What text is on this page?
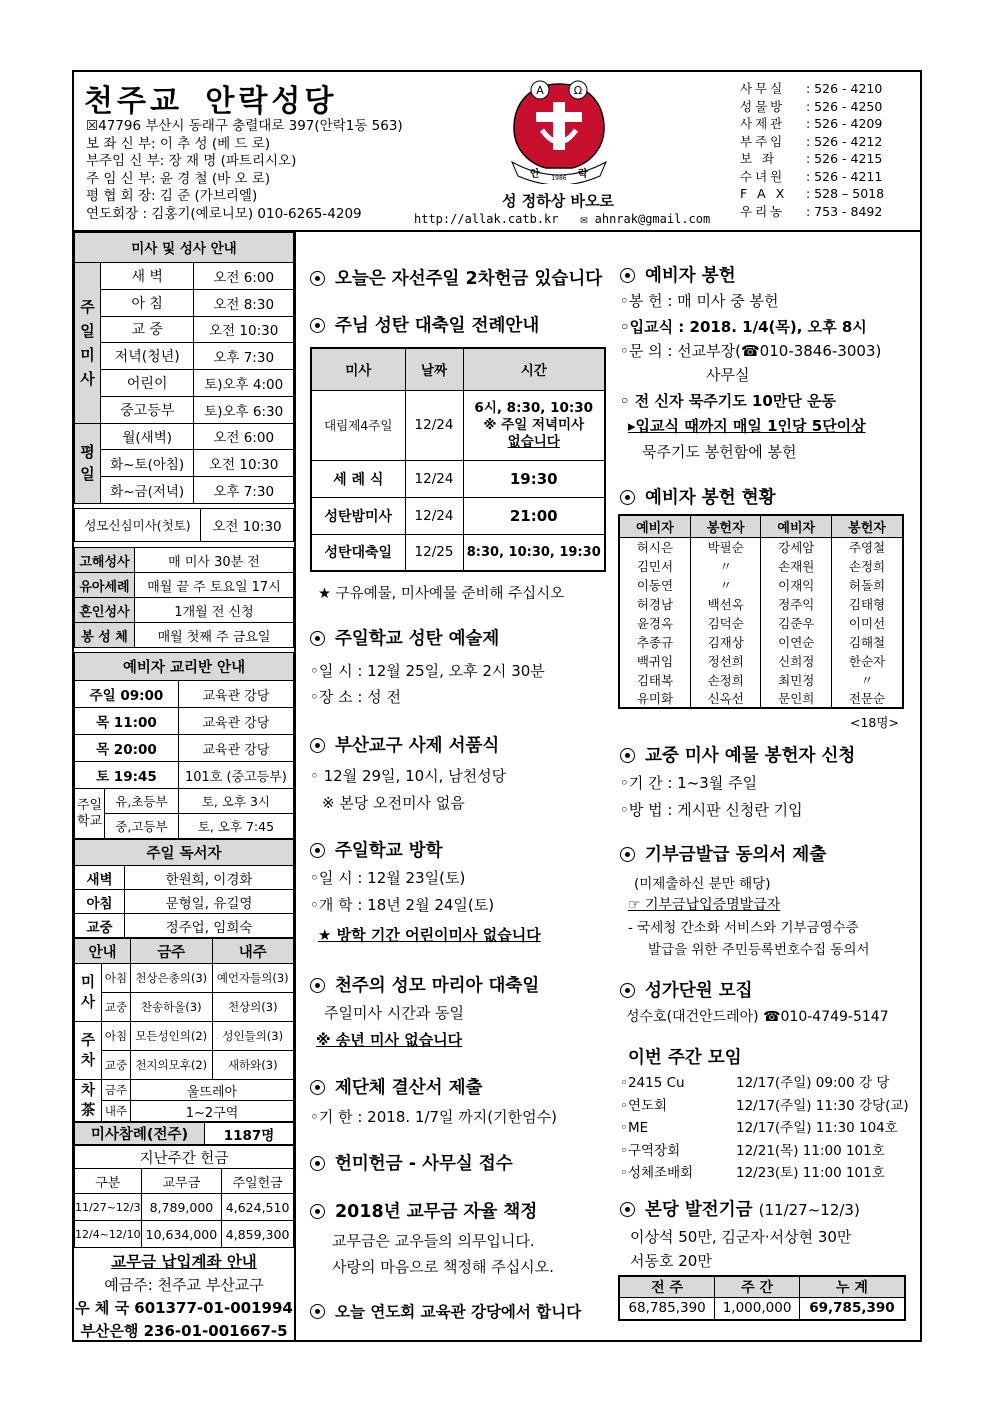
천주교 안락성당
☒47796 부산시 동래구 충렬대로 397(안락1동 563)
보 좌 신 부: 이 추 성 (베 드 로)
부주임 신 부: 장 재 명 (파트리시오)
주 임 신 부: 윤 경 철 (바 오 로)
평 협 회 장: 김 준 (가브리엘)
연도회장 : 김홍기(예로니모) 010-6265-4209
A	Ω
안 1986 락
성 정하상 바오로
http://allak.catb.kr ✉ ahnrak@gmail.com
사무실	: 526 - 4210
성물방	: 526 - 4250
사제관	: 526 - 4209
부주임	: 526 - 4212
보 좌	: 526 - 4215
수녀원	: 526 - 4211
F A X	: 528 – 5018
우리농	: 753 - 8492
미사 및 성사 안내		
주
일
미
사	새 벽	오전 6:00
	아 침	오전 8:30
	교 중	오전 10:30
	저녁(청년)	오후 7:30
	어린이	토)오후 4:00
	중고등부	토)오후 6:30
평
일	월(새벽)	오전 6:00
	화~토(아침)	오전 10:30
	화~금(저녁)	오후 7:30
성모신심미사(첫토)	오전 10:30
고해성사	매 미사 30분 전
유아세례	매월 끝 주 토요일 17시
혼인성사	1개월 전 신청
봉 성 체	매월 첫째 주 금요일
예비자 교리반 안내		
주일 09:00		교육관 강당
목 11:00		교육관 강당
목 20:00		교육관 강당
토 19:45		101호 (중고등부)
주일학교	유,초등부	토, 오후 3시
	중,고등부	토, 오후 7:45
주일 독서자	
새벽	한원희, 이경화
아침	문형일, 유길영
교중	정주업, 임희숙
안내		금주	내주
미
사	아침	천상은총의(3)	예언자들의(3)
	교중	찬송하올(3)	천상의(3)
주
차	아침	모든성인의(2)	성인들의(3)
	교중	천지의모후(2)	새하와(3)
차
茶	금주	울뜨레아	
	내주	1~2구역	
미사참례(전주)	1187명
지난주간 헌금		
구분	교무금	주일헌금
11/27~12/3	8,789,000	4,624,510
12/4~12/10	10,634,000	4,859,300
교무금 납입계좌 안내
예금주: 천주교 부산교구
우 체 국 601377-01-001994
부산은행 236-01-001667-5
오늘은 자선주일 2차헌금 있습니다
주님 성탄 대축일 전례안내
미사	날짜	시간
대림제4주일	12/24	6시, 8:30, 10:30
※ 주일 저녁미사
없습니다

세 례 식	12/24	19:30
성탄밤미사	12/24	21:00
성탄대축일	12/25	8:30, 10:30, 19:30
★ 구유예물, 미사예물 준비해 주십시오
주일학교 성탄 예술제
◦일 시 : 12월 25일, 오후 2시 30분
◦장 소 : 성 전
부산교구 사제 서품식
◦ 12월 29일, 10시, 남천성당
※ 본당 오전미사 없음
주일학교 방학
◦일 시 : 12월 23일(토)
◦개 학 : 18년 2월 24일(토)
★ 방학 기간 어린이미사 없습니다
천주의 성모 마리아 대축일
주일미사 시간과 동일
※ 송년 미사 없습니다
제단체 결산서 제출
◦기 한 : 2018. 1/7일 까지(기한엄수)
헌미헌금 - 사무실 접수
2018년 교무금 자율 책정
교무금은 교우들의 의무입니다.
사랑의 마음으로 책정해 주십시오.
오늘 연도회 교육관 강당에서 합니다
예비자 봉헌
◦봉 헌 : 매 미사 중 봉헌
◦입교식 : 2018. 1/4(목), 오후 8시
◦문 의 : 선교부장(☎010-3846-3003)
사무실
◦ 전 신자 묵주기도 10만단 운동
▸입교식 때까지 매일 1인당 5단이상
묵주기도 봉헌함에 봉헌
예비자 봉헌 현황
예비자	봉헌자	예비자	봉헌자
허시은	박필순	강세암	주영철
김민서	〃	손재원	손정희
이동연	〃	이재익	허돌희
허경남	백선옥	정주익	김태형
윤경옥	김덕순	김준우	이미선
추종규	김재상	이연순	김해철
백귀임	정선희	신희정	한순자
김태복	손정희	최민정	〃
유미화	신옥선	문인희	전문순
<18명>
교중 미사 예물 봉헌자 신청
◦기 간 : 1~3월 주일
◦방 법 : 게시판 신청란 기입
기부금발급 동의서 제출
(미제출하신 분만 해당)
☞ 기부금납입증명발급자
- 국세청 간소화 서비스와 기부금영수증
발급을 위한 주민등록번호수집 동의서
성가단원 모집
성수호(대건안드레아) ☎010-4749-5147
이번 주간 모임
◦2415 Cu	12/17(주일) 09:00 강 당
◦연도회	12/17(주일) 11:30 강당(교)
◦ME	12/17(주일) 11:30 104호
◦구역장회	12/21(목) 11:00 101호
◦성체조배회	12/23(토) 11:00 101호
본당 발전기금 (11/27~12/3)
이상석 50만, 김군자·서상현 30만
서동호 20만
전 주	주 간	누 계
68,785,390	1,000,000	69,785,390
